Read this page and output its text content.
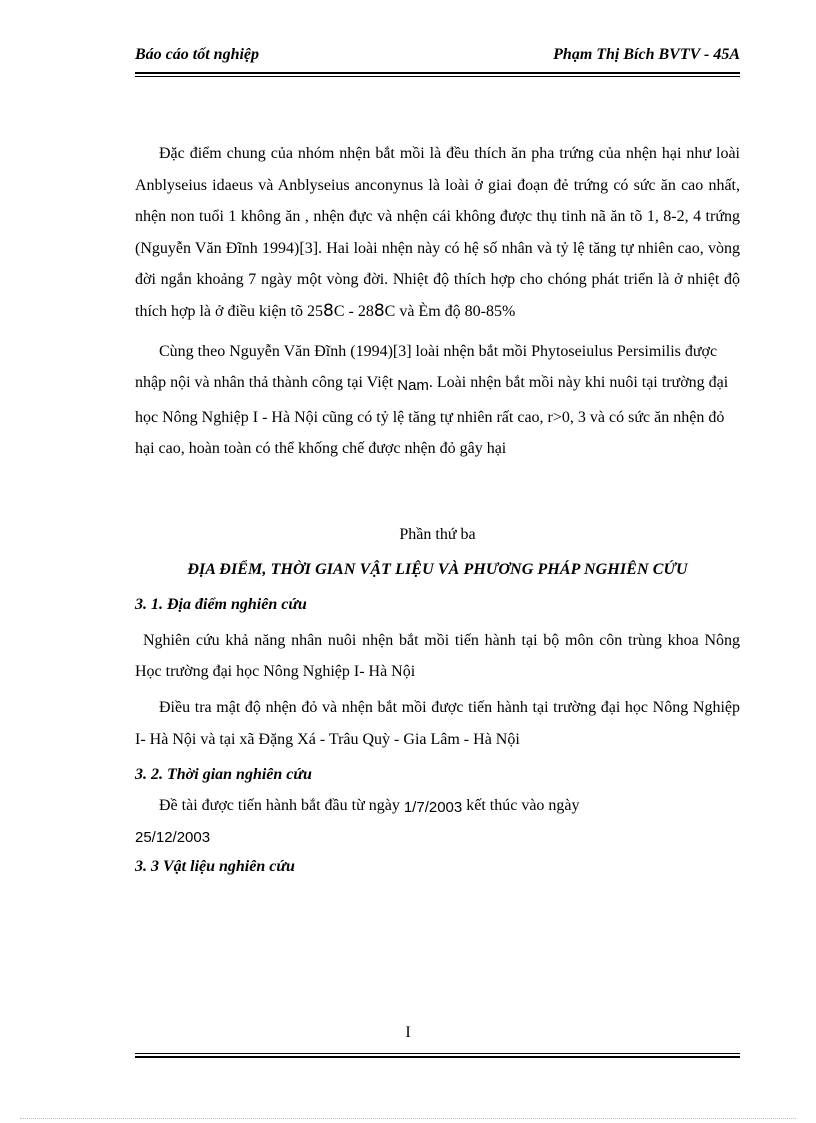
Báo cáo tốt nghiệp	Phạm Thị Bích BVTV - 45A

Đặc điểm chung của nhóm nhện bắt mồi là đều thích ăn pha trứng của nhện hại như loài Anblyseius idaeus và Anblyseius anconynus là loài ở giai đoạn đẻ trứng có sức ăn cao nhất, nhện non tuổi 1 không ăn , nhện đực và nhện cái không được thụ tinh nã ăn tõ 1, 8-2, 4 trứng (Nguyễn Văn Đĩnh 1994)[3]. Hai loài nhện này có hệ số nhân và tỷ lệ tăng tự nhiên cao, vòng đời ngắn khoảng 7 ngày một vòng đời. Nhiệt độ thích hợp cho chóng phát triển là ở nhiệt độ thích hợp là ở điều kiện tõ 258C - 288C và Èm độ 80-85%

Cùng theo Nguyễn Văn Đĩnh (1994)[3] loài nhện bắt mồi Phytoseiulus Persimilis được nhập nội và nhân thả thành công tại Việt Nam. Loài nhện bắt mồi này khi nuôi tại trường đại học Nông Nghiệp I - Hà Nội cũng có tỷ lệ tăng tự nhiên rất cao, r>0, 3 và có sức ăn nhện đỏ hại cao, hoàn toàn có thể khống chế được nhện đỏ gây hại

Phần thứ ba

ĐỊA ĐIỂM, THỜI GIAN VẬT LIỆU VÀ PHƯƠNG PHÁP NGHIÊN CỨU

3. 1. Địa điểm nghiên cứu

Nghiên cứu khả năng nhân nuôi nhện bắt mồi tiến hành tại bộ môn côn trùng khoa Nông Học trường đại học Nông Nghiệp I- Hà Nội

Điều tra mật độ nhện đỏ và nhện bắt mồi được tiến hành tại trường đại học Nông Nghiệp I- Hà Nội và tại xã Đặng Xá - Trâu Quỳ - Gia Lâm - Hà Nội

3. 2. Thời gian nghiên cứu

Đề tài được tiến hành bắt đầu từ ngày 1/7/2003 kết thúc vào ngày
25/12/2003

3. 3 Vật liệu nghiên cứu

I
